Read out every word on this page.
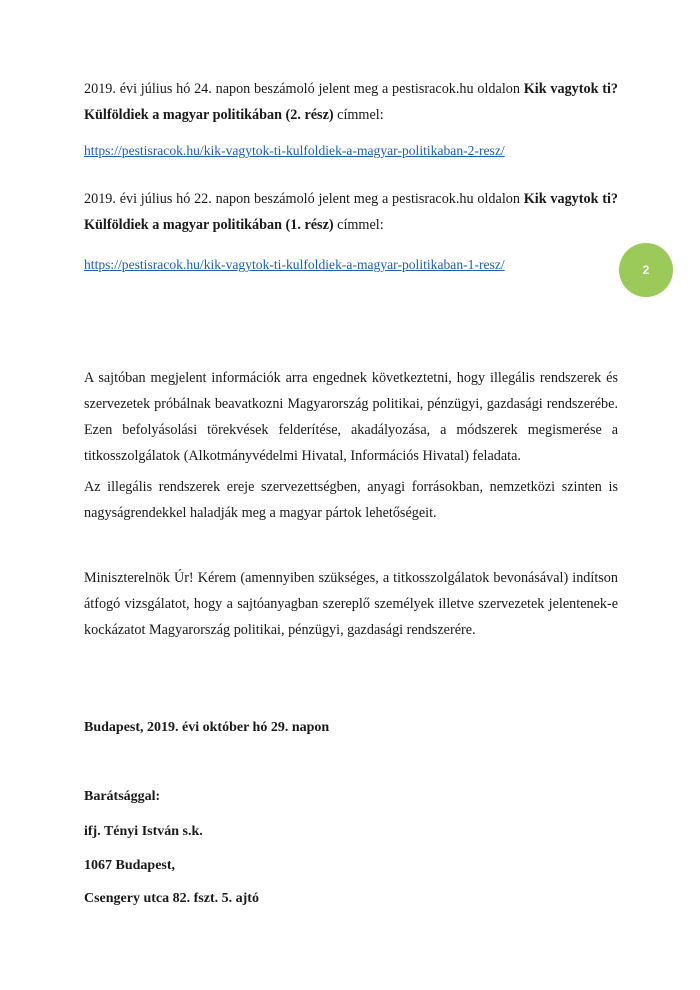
2019. évi július hó 24. napon beszámoló jelent meg a pestisracok.hu oldalon Kik vagytok ti?
Külföldiek a magyar politikában (2. rész) címmel:
https://pestisracok.hu/kik-vagytok-ti-kulfoldiek-a-magyar-politikaban-2-resz/
2019. évi július hó 22. napon beszámoló jelent meg a pestisracok.hu oldalon Kik vagytok ti?
Külföldiek a magyar politikában (1. rész) címmel:
https://pestisracok.hu/kik-vagytok-ti-kulfoldiek-a-magyar-politikaban-1-resz/
A sajtóban megjelent információk arra engednek következtetni, hogy illegális rendszerek és
szervezetek próbálnak beavatkozni Magyarország politikai, pénzügyi, gazdasági rendszerébe.
Ezen befolyásolási törekvések felderítése, akadályozása, a módszerek megismerése a
titkosszolgálatok (Alkotmányvédelmi Hivatal, Információs Hivatal) feladata.
Az illegális rendszerek ereje szervezettségben, anyagi forrásokban, nemzetközi szinten is
nagyságrendekkel haladják meg a magyar pártok lehetőségeit.
Miniszterelnök Úr! Kérem (amennyiben szükséges, a titkosszolgálatok bevonásával) indítson
átfogó vizsgálatot, hogy a sajtóanyagban szereplő személyek illetve szervezetek jelentenek-e
kockázatot Magyarország politikai, pénzügyi, gazdasági rendszerére.
Budapest, 2019. évi október hó 29. napon
Barátsággal:
ifj. Tényi István s.k.
1067 Budapest,
Csengery utca 82. fszt. 5. ajtó
2
